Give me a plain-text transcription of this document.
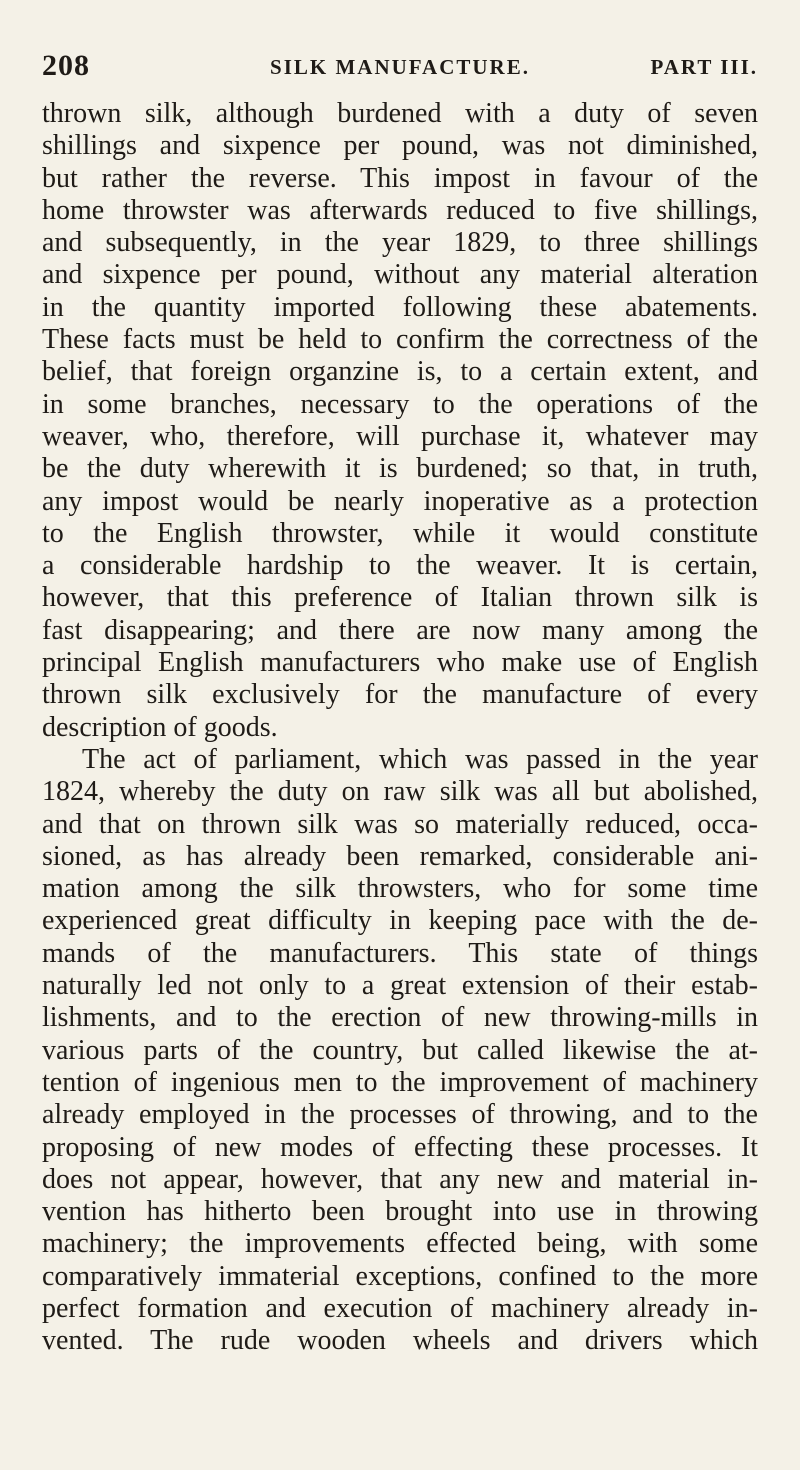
208	SILK MANUFACTURE.	PART III.
thrown silk, although burdened with a duty of seven
shillings and sixpence per pound, was not diminished,
but rather the reverse. This impost in favour of the
home throwster was afterwards reduced to five shillings,
and subsequently, in the year 1829, to three shillings
and sixpence per pound, without any material alteration
in the quantity imported following these abatements.
These facts must be held to confirm the correctness of the
belief, that foreign organzine is, to a certain extent, and
in some branches, necessary to the operations of the
weaver, who, therefore, will purchase it, whatever may
be the duty wherewith it is burdened; so that, in truth,
any impost would be nearly inoperative as a protection
to the English throwster, while it would constitute
a considerable hardship to the weaver. It is certain,
however, that this preference of Italian thrown silk is
fast disappearing; and there are now many among the
principal English manufacturers who make use of English
thrown silk exclusively for the manufacture of every
description of goods.
The act of parliament, which was passed in the year
1824, whereby the duty on raw silk was all but abolished,
and that on thrown silk was so materially reduced, occa-
sioned, as has already been remarked, considerable ani-
mation among the silk throwsters, who for some time
experienced great difficulty in keeping pace with the de-
mands of the manufacturers. This state of things
naturally led not only to a great extension of their estab-
lishments, and to the erection of new throwing-mills in
various parts of the country, but called likewise the at-
tention of ingenious men to the improvement of machinery
already employed in the processes of throwing, and to the
proposing of new modes of effecting these processes. It
does not appear, however, that any new and material in-
vention has hitherto been brought into use in throwing
machinery; the improvements effected being, with some
comparatively immaterial exceptions, confined to the more
perfect formation and execution of machinery already in-
vented. The rude wooden wheels and drivers which
